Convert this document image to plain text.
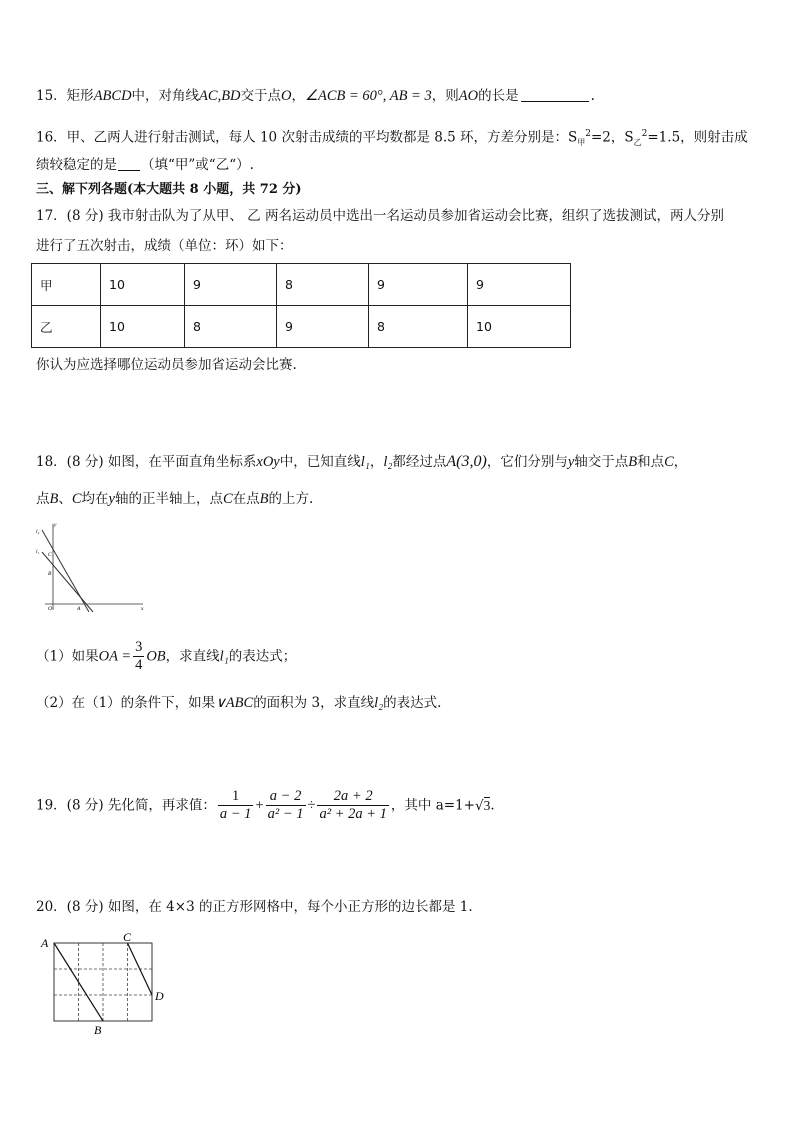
15．矩形ABCD中，对角线AC,BD交于点O，∠ACB = 60°, AB = 3，则AO的长是	.
16．甲、乙两人进行射击测试，每人 10 次射击成绩的平均数都是 8.5 环，方差分别是：$S_甲^2=2$，$S_乙^2=1.5$，则射击成
绩较稳定的是 （填“甲”或“乙“）.
三、解下列各题(本大题共 8 小题，共 72 分)
17．(8 分) 我市射击队为了从甲、 乙 两名运动员中选出一名运动员参加省运动会比赛，组织了选拔测试，两人分别
进行了五次射击，成绩（单位：环）如下：
甲	10	9	8	9	9
乙	10	8	9	8	10
你认为应选择哪位运动员参加省运动会比赛.
18．(8 分) 如图，在平面直角坐标系xOy中，已知直线l₁，l₂都经过点A(3,0)，它们分别与y轴交于点B和点C，
点B、C均在y轴的正半轴上，点C在点B的上方.
y
l₂
l₁ C
B
O	A	x
（1）如果OA = $\frac{3}{4}$ OB，求直线l₁的表达式；
（2）在（1）的条件下，如果∨ABC的面积为 3，求直线l₂的表达式.
19．(8 分) 先化简，再求值： $\frac{1}{a - 1} + \frac{a - 2}{\text{a² − 1}} \div \frac{2a + 2}{\text{a² + 2a + 1}}$ ，其中 a=1+√3.
20．(8 分) 如图，在 4×3 的正方形网格中，每个小正方形的边长都是 1.
A	C
D
B
